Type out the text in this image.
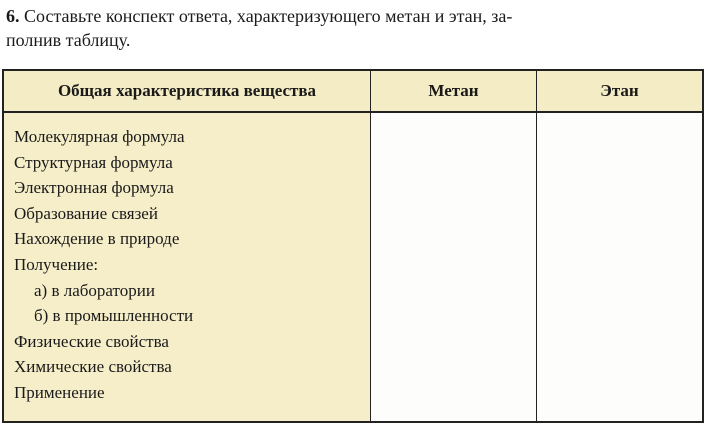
6. Составьте конспект ответа, характеризующего метан и этан, за-
полнив таблицу.
Общая характеристика вещества	Метан	Этан
Молекулярная формула
Структурная формула
Электронная формула
Образование связей
Нахождение в природе
Получение:
а) в лаборатории
б) в промышленности
Физические свойства
Химические свойства
Применение
